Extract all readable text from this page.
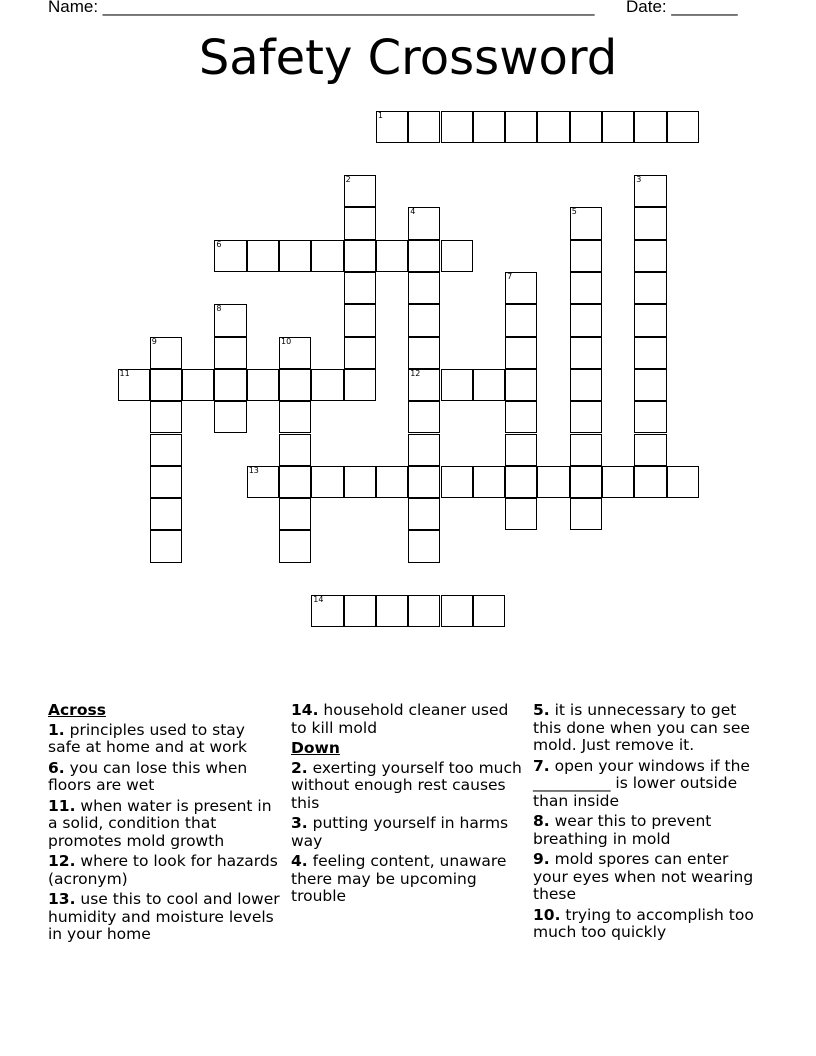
Name: ____________________________________________________ Date: _______
Safety Crossword
1
2	3
4	5
6
7
8
9	10
11	12
13
14
Across
1. principles used to stay safe at home and at work
6. you can lose this when floors are wet
11. when water is present in a solid, condition that promotes mold growth
12. where to look for hazards (acronym)
13. use this to cool and lower humidity and moisture levels in your home
14. household cleaner used to kill mold
Down
2. exerting yourself too much without enough rest causes this
3. putting yourself in harms way
4. feeling content, unaware there may be upcoming trouble
5. it is unnecessary to get this done when you can see mold. Just remove it.
7. open your windows if the __________ is lower outside than inside
8. wear this to prevent breathing in mold
9. mold spores can enter your eyes when not wearing these
10. trying to accomplish too much too quickly
